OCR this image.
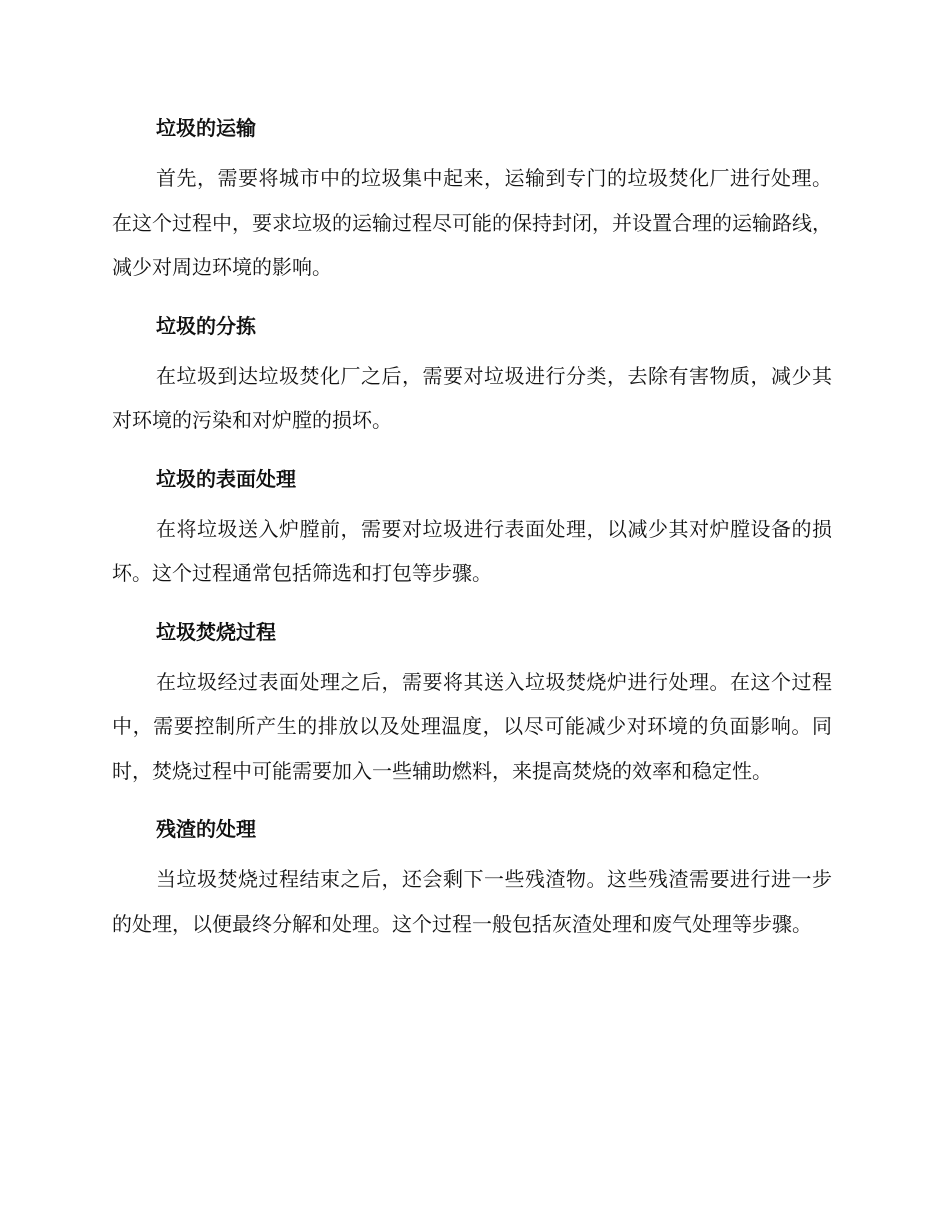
垃圾的运输

首先，需要将城市中的垃圾集中起来，运输到专门的垃圾焚化厂进行处理。在这个过程中，要求垃圾的运输过程尽可能的保持封闭，并设置合理的运输路线，减少对周边环境的影响。

垃圾的分拣

在垃圾到达垃圾焚化厂之后，需要对垃圾进行分类，去除有害物质，减少其对环境的污染和对炉膛的损坏。

垃圾的表面处理

在将垃圾送入炉膛前，需要对垃圾进行表面处理，以减少其对炉膛设备的损坏。这个过程通常包括筛选和打包等步骤。

垃圾焚烧过程

在垃圾经过表面处理之后，需要将其送入垃圾焚烧炉进行处理。在这个过程中，需要控制所产生的排放以及处理温度，以尽可能减少对环境的负面影响。同时，焚烧过程中可能需要加入一些辅助燃料，来提高焚烧的效率和稳定性。

残渣的处理

当垃圾焚烧过程结束之后，还会剩下一些残渣物。这些残渣需要进行进一步的处理，以便最终分解和处理。这个过程一般包括灰渣处理和废气处理等步骤。
